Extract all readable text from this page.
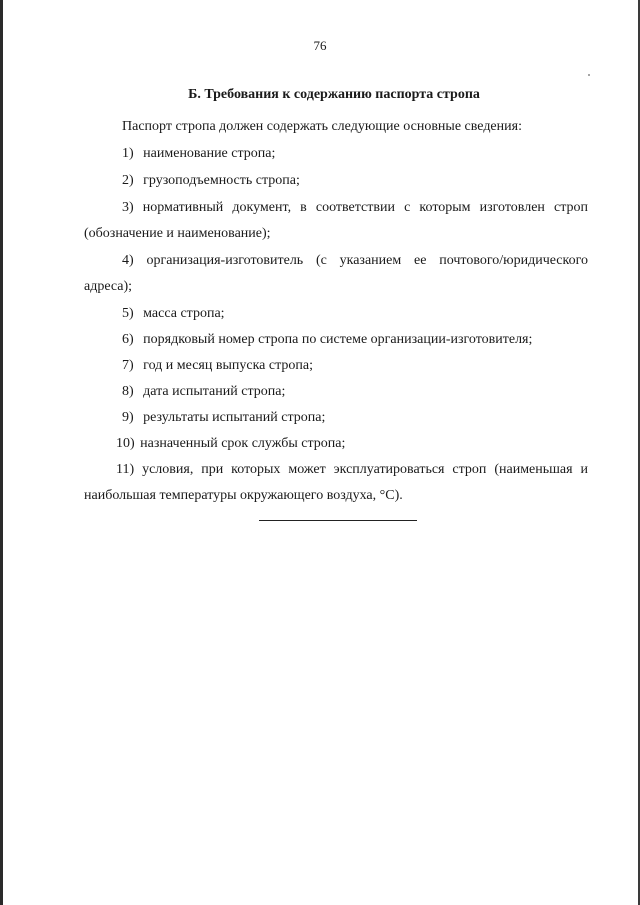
76
Б. Требования к содержанию паспорта стропа
Паспорт стропа должен содержать следующие основные сведения:
1) наименование стропа;
2) грузоподъемность стропа;
3) нормативный документ, в соответствии с которым изготовлен строп
(обозначение и наименование);
4) организация-изготовитель (с указанием ее почтового/юридического
адреса);
5) масса стропа;
6) порядковый номер стропа по системе организации-изготовителя;
7) год и месяц выпуска стропа;
8) дата испытаний стропа;
9) результаты испытаний стропа;
10) назначенный срок службы стропа;
11) условия, при которых может эксплуатироваться строп (наименьшая и
наибольшая температуры окружающего воздуха, °С).
